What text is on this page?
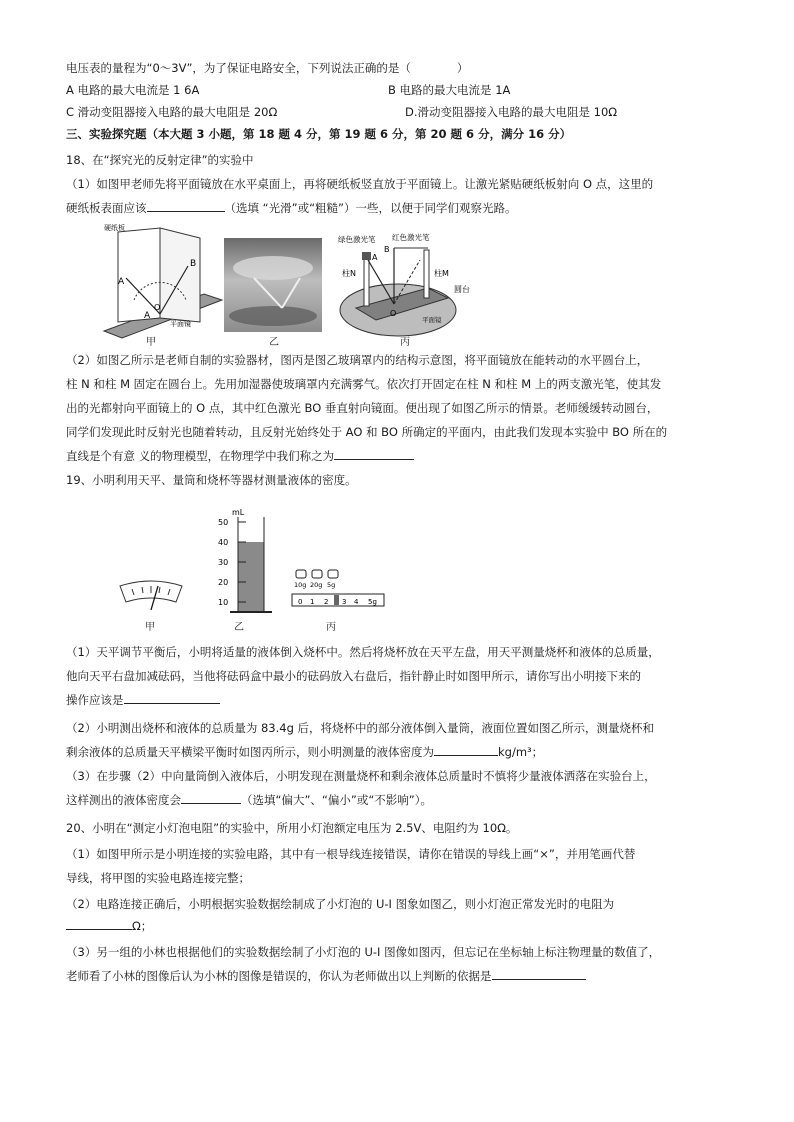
电压表的量程为“0～3V”，为了保证电路安全，下列说法正确的是（　　　　）
A 电路的最大电流是 1 6A	B 电路的最大电流是 1A
C 滑动变阻器接入电路的最大电阻是 20Ω	D.滑动变阻器接入电路的最大电阻是 10Ω
三、实验探究题（本大题 3 小题，第 18 题 4 分，第 19 题 6 分，第 20 题 6 分，满分 16 分）
18、在“探究光的反射定律”的实验中
（1）如图甲老师先将平面镜放在水平桌面上，再将硬纸板竖直放于平面镜上。让激光紧贴硬纸板射向 O 点，这里的
硬纸板表面应该	（选填 “光滑”或“粗糙”）一些，以便于同学们观察光路。
硬纸板
A
B
O
A
平面镜
甲	乙
绿色激光笔 红色激光笔
B
A
柱N	柱M
圆台
平面镜
O
丙
（2）如图乙所示是老师自制的实验器材，图丙是图乙玻璃罩内的结构示意图，将平面镜放在能转动的水平圆台上，
柱 N 和柱 M 固定在圆台上。先用加湿器使玻璃罩内充满雾气。依次打开固定在柱 N 和柱 M 上的两支激光笔，使其发
出的光都射向平面镜上的 O 点，其中红色激光 BO 垂直射向镜面。便出现了如图乙所示的情景。老师缓缓转动圆台，
同学们发现此时反射光也随着转动，且反射光始终处于 AO 和 BO 所确定的平面内，由此我们发现本实验中 BO 所在的
直线是个有意 义的物理模型，在物理学中我们称之为
19、小明利用天平、量筒和烧杯等器材测量液体的密度。
甲
mL
50
40
30
20
10
乙
10g 20g 5g
0 1 2 3 4 5g
丙
（1）天平调节平衡后，小明将适量的液体倒入烧杯中。然后将烧杯放在天平左盘，用天平测量烧杯和液体的总质量，
他向天平右盘加减砝码，当他将砝码盒中最小的砝码放入右盘后，指针静止时如图甲所示，请你写出小明接下来的
操作应该是
（2）小明测出烧杯和液体的总质量为 83.4g 后，将烧杯中的部分液体倒入量筒，液面位置如图乙所示，测量烧杯和
剩余液体的总质量天平横梁平衡时如图丙所示，则小明测量的液体密度为	kg/m³；
（3）在步骤（2）中向量筒倒入液体后，小明发现在测量烧杯和剩余液体总质量时不慎将少量液体洒落在实验台上，
这样测出的液体密度会	（选填“偏大”、“偏小”或“不影响”）。
20、小明在“测定小灯泡电阻”的实验中，所用小灯泡额定电压为 2.5V、电阻约为 10Ω。
（1）如图甲所示是小明连接的实验电路，其中有一根导线连接错误，请你在错误的导线上画“×”，并用笔画代替
导线，将甲图的实验电路连接完整；
（2）电路连接正确后，小明根据实验数据绘制成了小灯泡的 U-I 图象如图乙，则小灯泡正常发光时的电阻为
Ω；
（3）另一组的小林也根据他们的实验数据绘制了小灯泡的 U-I 图像如图丙，但忘记在坐标轴上标注物理量的数值了，
老师看了小林的图像后认为小林的图像是错误的，你认为老师做出以上判断的依据是
